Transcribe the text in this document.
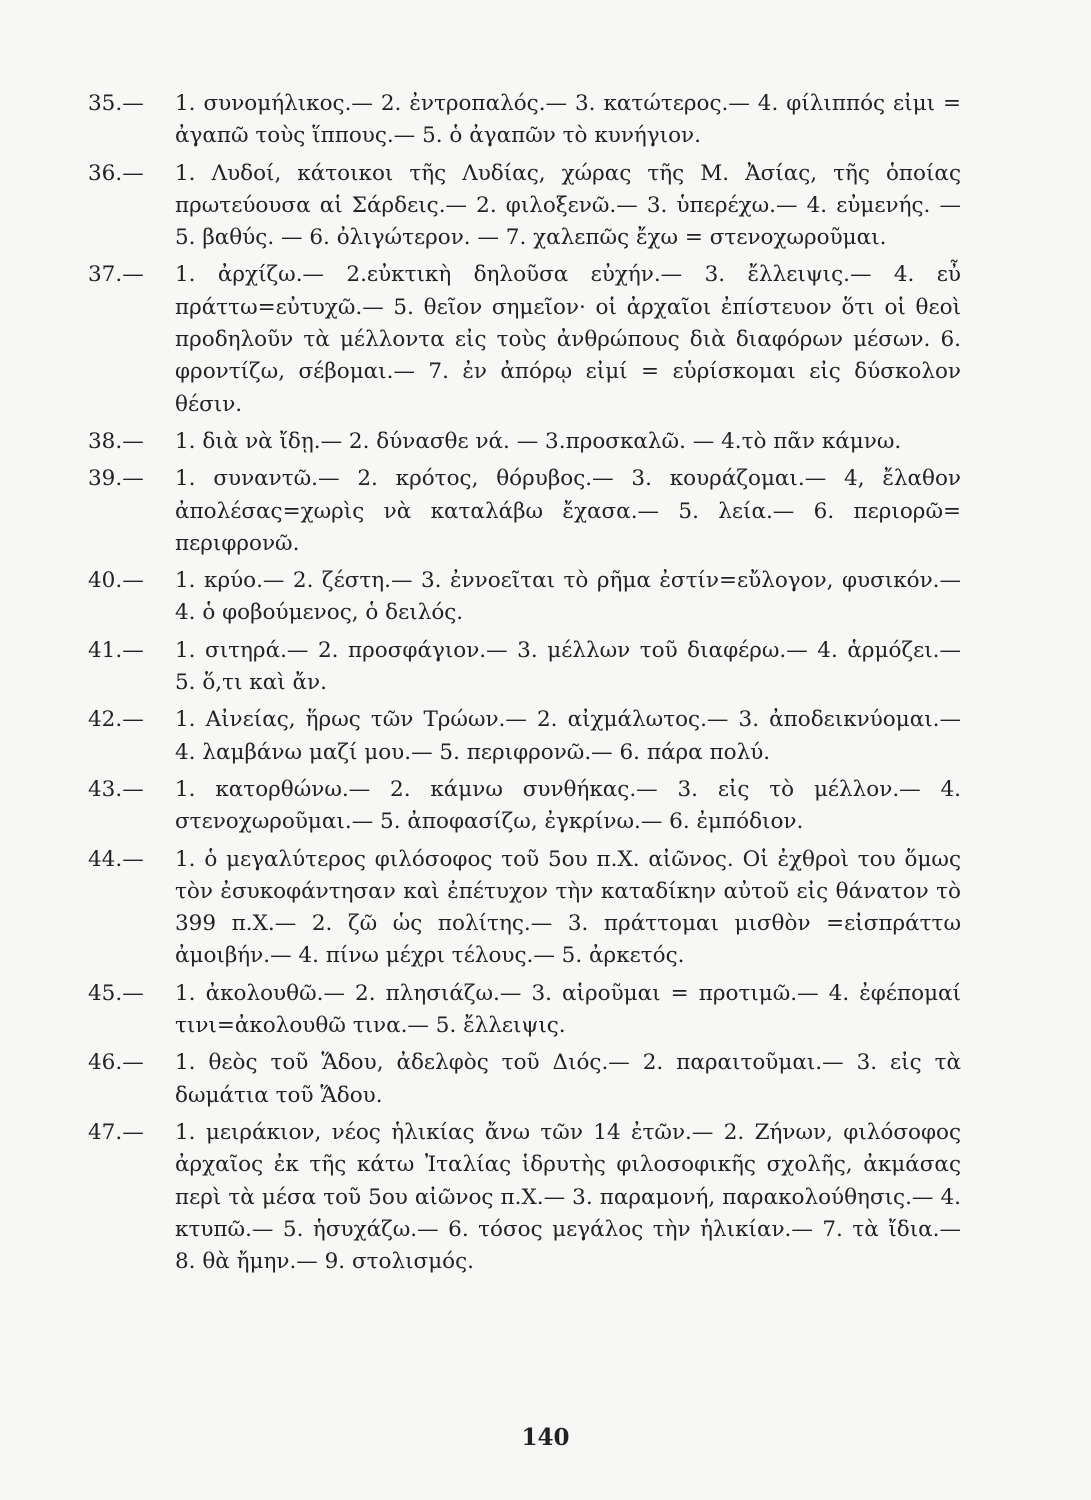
35.—	1. συνομήλικος.— 2. ἐντροπαλός.— 3. κατώτερος.— 4. φίλιππός εἰμι = ἀγαπῶ τοὺς ἵππους.— 5. ὁ ἀγαπῶν τὸ κυνήγιον.
36.—	1. Λυδοί, κάτοικοι τῆς Λυδίας, χώρας τῆς Μ. Ἀσίας, τῆς ὁποίας πρωτεύουσα αἱ Σάρδεις.— 2. φιλοξενῶ.— 3. ὑπερέχω.— 4. εὐμενής. — 5. βαθύς. — 6. ὀλιγώτερον. — 7. χαλεπῶς ἔχω = στενοχωροῦμαι.
37.—	1. ἀρχίζω.— 2.εὐκτικὴ δηλοῦσα εὐχήν.— 3. ἔλλειψις.— 4. εὖ πράττω=εὐτυχῶ.— 5. θεῖον σημεῖον· οἱ ἀρχαῖοι ἐπίστευον ὅτι οἱ θεοὶ προδηλοῦν τὰ μέλλοντα εἰς τοὺς ἀνθρώπους διὰ διαφόρων μέσων. 6. φροντίζω, σέβομαι.— 7. ἐν ἀπόρῳ εἰμί = εὑρίσκομαι εἰς δύσκολον θέσιν.
38.—	1. διὰ νὰ ἴδῃ.— 2. δύνασθε νά. — 3.προσκαλῶ. — 4.τὸ πᾶν κάμνω.
39.—	1. συναντῶ.— 2. κρότος, θόρυβος.— 3. κουράζομαι.— 4, ἔλαθον ἀπολέσας=χωρὶς νὰ καταλάβω ἔχασα.— 5. λεία.— 6. περιορῶ= περιφρονῶ.
40.—	1. κρύο.— 2. ζέστη.— 3. ἐννοεῖται τὸ ρῆμα ἐστίν=εὔλογον, φυσικόν.— 4. ὁ φοβούμενος, ὁ δειλός.
41.—	1. σιτηρά.— 2. προσφάγιον.— 3. μέλλων τοῦ διαφέρω.— 4. ἁρμόζει.— 5. ὅ,τι καὶ ἄν.
42.—	1. Αἰνείας, ἥρως τῶν Τρώων.— 2. αἰχμάλωτος.— 3. ἀποδεικνύομαι.— 4. λαμβάνω μαζί μου.— 5. περιφρονῶ.— 6. πάρα πολύ.
43.—	1. κατορθώνω.— 2. κάμνω συνθήκας.— 3. εἰς τὸ μέλλον.— 4. στενοχωροῦμαι.— 5. ἀποφασίζω, ἐγκρίνω.— 6. ἐμπόδιον.
44.—	1. ὁ μεγαλύτερος φιλόσοφος τοῦ 5ου π.Χ. αἰῶνος. Οἱ ἐχθροὶ του ὅμως τὸν ἐσυκοφάντησαν καὶ ἐπέτυχον τὴν καταδίκην αὐτοῦ εἰς θάνατον τὸ 399 π.Χ.— 2. ζῶ ὡς πολίτης.— 3. πράττομαι μισθὸν =εἰσπράττω ἀμοιβήν.— 4. πίνω μέχρι τέλους.— 5. ἀρκετός.
45.—	1. ἀκολουθῶ.— 2. πλησιάζω.— 3. αἱροῦμαι = προτιμῶ.— 4. ἐφέπομαί τινι=ἀκολουθῶ τινα.— 5. ἔλλειψις.
46.—	1. θεὸς τοῦ Ἅδου, ἀδελφὸς τοῦ Διός.— 2. παραιτοῦμαι.— 3. εἰς τὰ δωμάτια τοῦ Ἅδου.
47.—	1. μειράκιον, νέος ἡλικίας ἄνω τῶν 14 ἐτῶν.— 2. Ζήνων, φιλόσοφος ἀρχαῖος ἐκ τῆς κάτω Ἰταλίας ἱδρυτὴς φιλοσοφικῆς σχολῆς, ἀκμάσας περὶ τὰ μέσα τοῦ 5ου αἰῶνος π.Χ.— 3. παραμονή, παρακολούθησις.— 4. κτυπῶ.— 5. ἡσυχάζω.— 6. τόσος μεγάλος τὴν ἡλικίαν.— 7. τὰ ἴδια.— 8. θὰ ἤμην.— 9. στολισμός.
140
